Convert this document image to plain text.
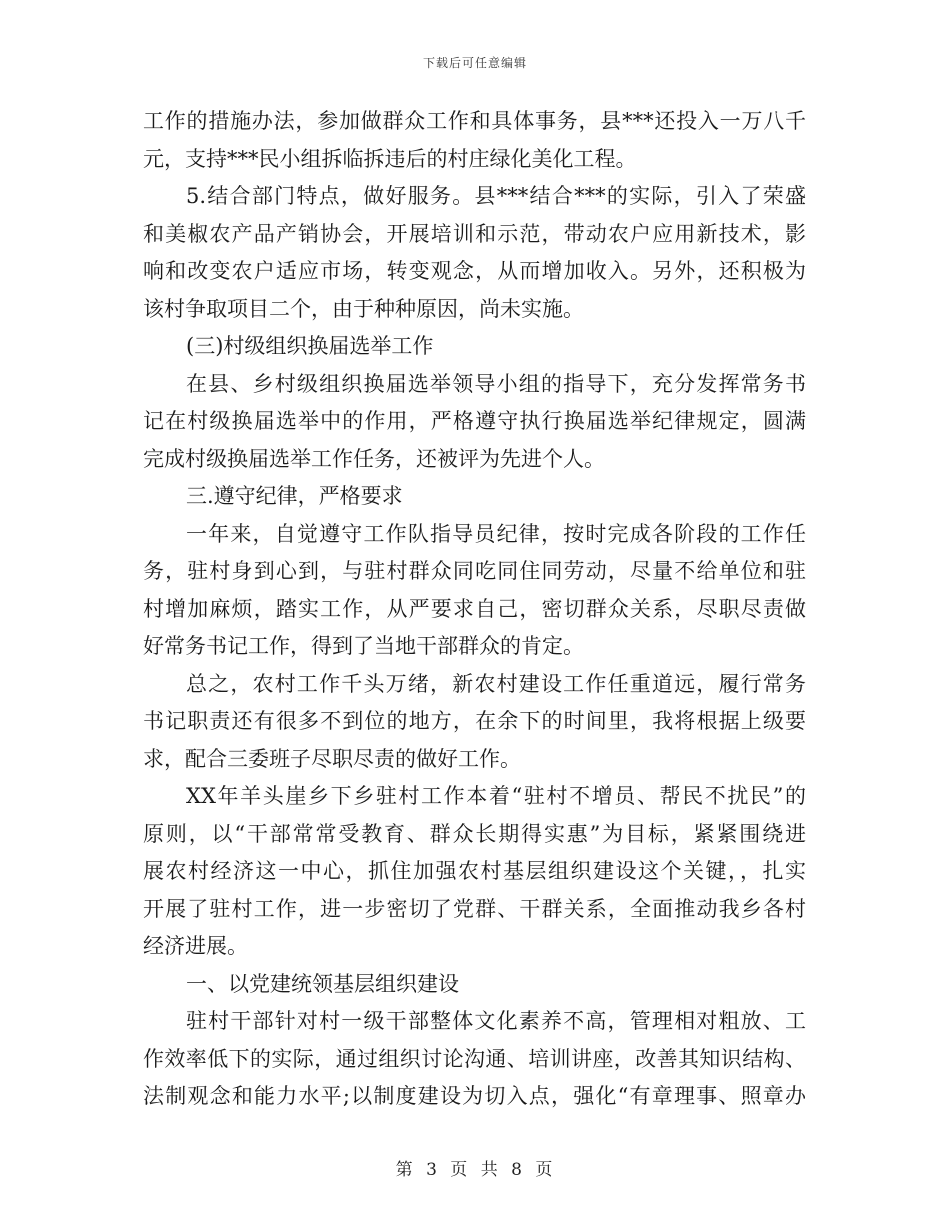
下载后可任意编辑
工作的措施办法，参加做群众工作和具体事务，县***还投入一万八千
元，支持***民小组拆临拆违后的村庄绿化美化工程。
5.结合部门特点，做好服务。县***结合***的实际，引入了荣盛
和美椒农产品产销协会，开展培训和示范，带动农户应用新技术，影
响和改变农户适应市场，转变观念，从而增加收入。另外，还积极为
该村争取项目二个，由于种种原因，尚未实施。
(三)村级组织换届选举工作
在县、乡村级组织换届选举领导小组的指导下，充分发挥常务书
记在村级换届选举中的作用，严格遵守执行换届选举纪律规定，圆满
完成村级换届选举工作任务，还被评为先进个人。
三.遵守纪律，严格要求
一年来，自觉遵守工作队指导员纪律，按时完成各阶段的工作任
务，驻村身到心到，与驻村群众同吃同住同劳动，尽量不给单位和驻
村增加麻烦，踏实工作，从严要求自己，密切群众关系，尽职尽责做
好常务书记工作，得到了当地干部群众的肯定。
总之，农村工作千头万绪，新农村建设工作任重道远，履行常务
书记职责还有很多不到位的地方，在余下的时间里，我将根据上级要
求，配合三委班子尽职尽责的做好工作。
XX年羊头崖乡下乡驻村工作本着“驻村不增员、帮民不扰民”的
原则，以“干部常常受教育、群众长期得实惠”为目标，紧紧围绕进
展农村经济这一中心，抓住加强农村基层组织建设这个关键，，扎实
开展了驻村工作，进一步密切了党群、干群关系，全面推动我乡各村
经济进展。
一、以党建统领基层组织建设
驻村干部针对村一级干部整体文化素养不高，管理相对粗放、工
作效率低下的实际，通过组织讨论沟通、培训讲座，改善其知识结构、
法制观念和能力水平;以制度建设为切入点，强化“有章理事、照章办
第 3 页 共 8 页
